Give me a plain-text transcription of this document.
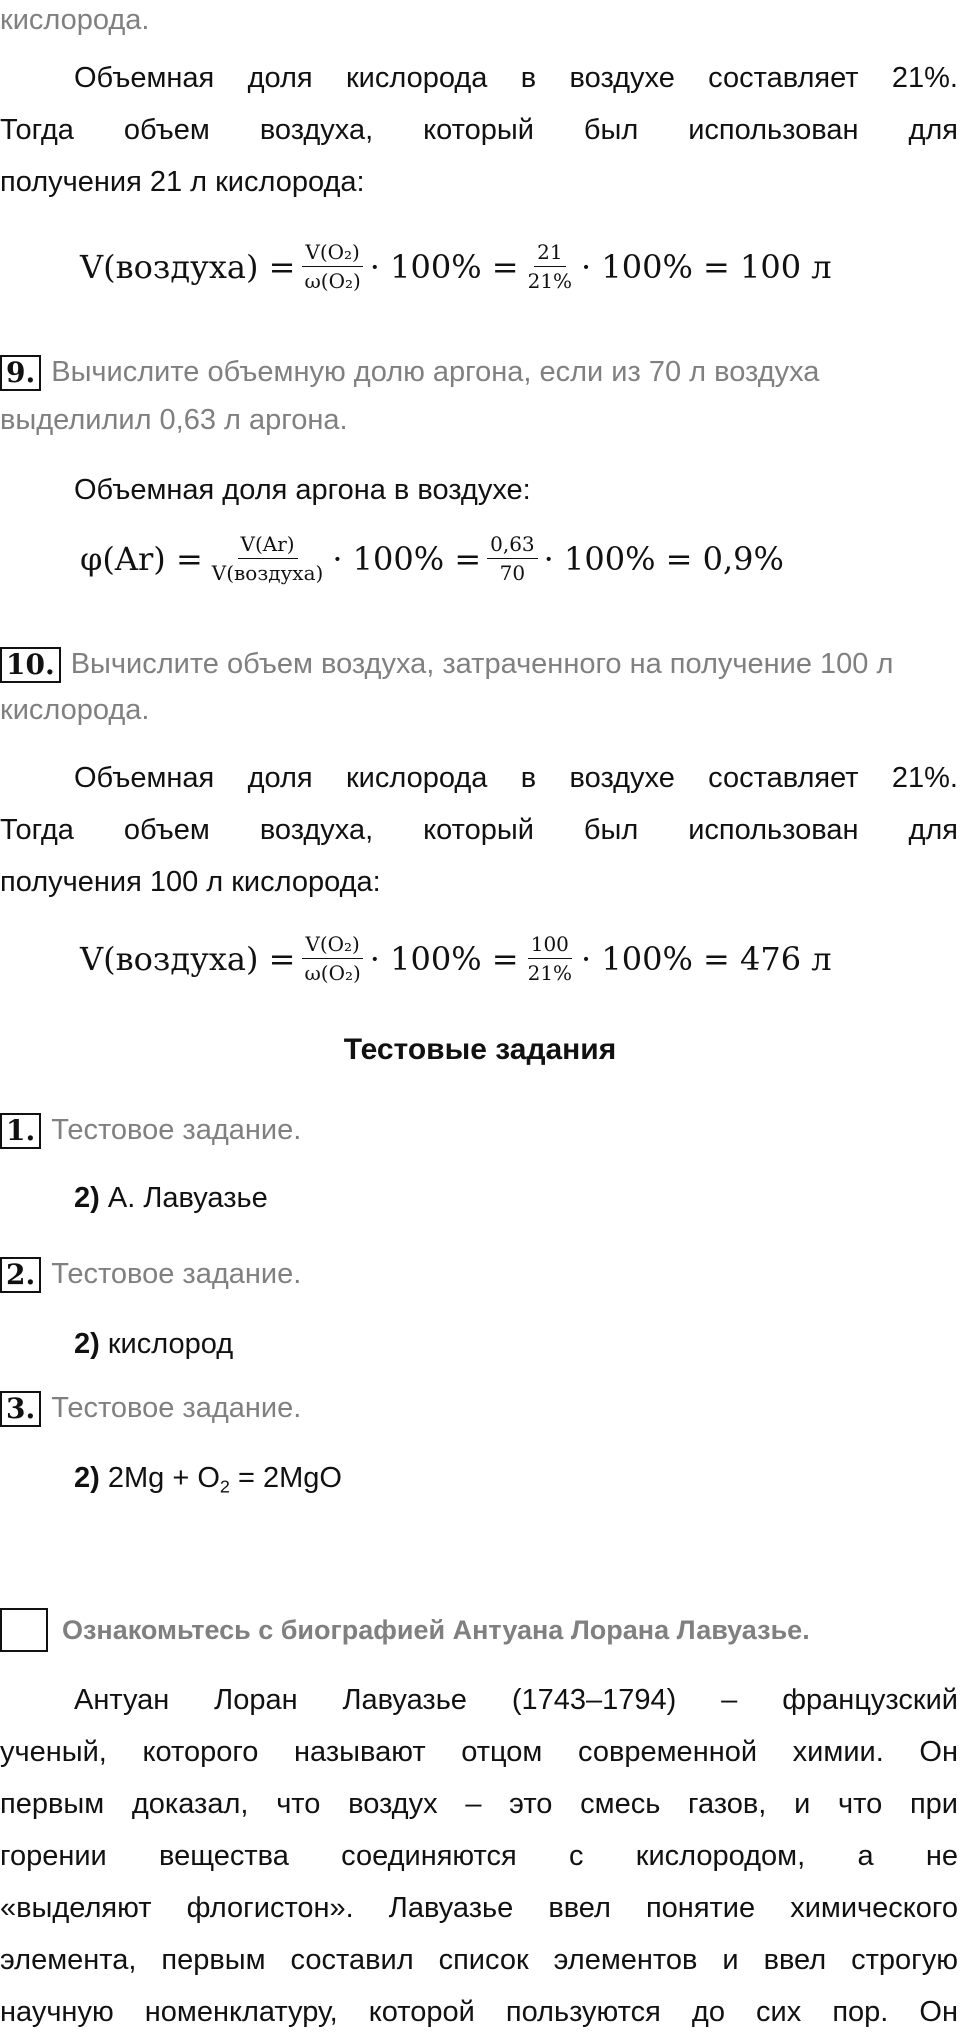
кислорода.
Объемная доля кислорода в воздухе составляет 21%.
Тогда объем воздуха, который был использован для
получения 21 л кислорода:
V(воздуха) = $\frac{\text{V(O₂)}}{\text{ω(O₂)}} \cdot 100\% = \frac{21}{21\%} \cdot 100\% = 100$ л
9. Вычислите объемную долю аргона, если из 70 л воздуха
выделилил 0,63 л аргона.
Объемная доля аргона в воздухе:
$\varphi(Ar) = \frac{V(Ar)}{\text{V(воздуха)}} \cdot 100\% = \frac{0,63}{70} \cdot 100\% = 0,9\%$
10. Вычислите объем воздуха, затраченного на получение 100 л
кислорода.
Объемная доля кислорода в воздухе составляет 21%.
Тогда объем воздуха, который был использован для
получения 100 л кислорода:
V(воздуха) = $\frac{\text{V(O₂)}}{\text{ω(O₂)}} \cdot 100\% = \frac{100}{21\%} \cdot 100\% = 476$ л
Тестовые задания
1. Тестовое задание.
2) А. Лавуазье
2. Тестовое задание.
2) кислород
3. Тестовое задание.
2) $2Mg + O_2 = 2MgO$
Ознакомьтесь с биографией Антуана Лорана Лавуазье.
Антуан Лоран Лавуазье (1743–1794) – французский
ученый, которого называют отцом современной химии. Он
первым доказал, что воздух – это смесь газов, и что при
горении вещества соединяются с кислородом, а не
«выделяют флогистон». Лавуазье ввел понятие химического
элемента, первым составил список элементов и ввел строгую
научную номенклатуру, которой пользуются до сих пор. Он
